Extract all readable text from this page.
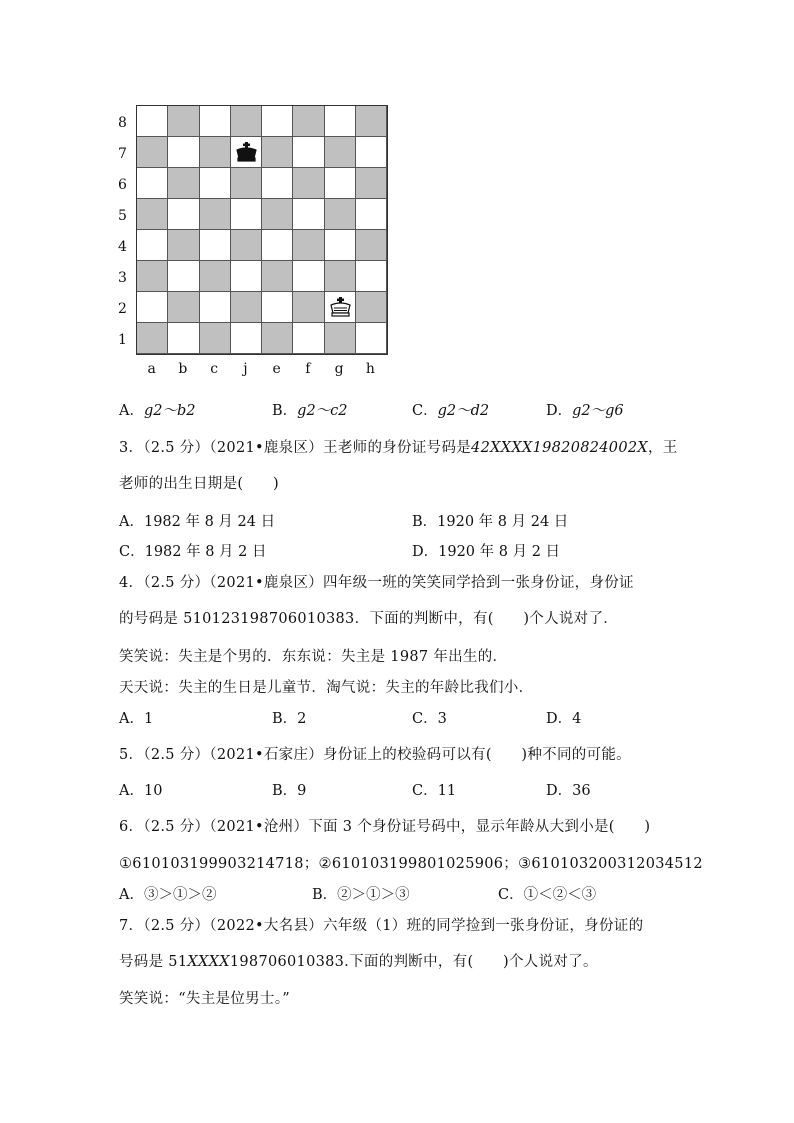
8
7
6
5
4
3
2
1
a	b	c	j	e	f	g	h
A．g2～b2	B．g2～c2	C．g2～d2	D．g2～g6
3．（2.5 分）（2021•鹿泉区）王老师的身份证号码是42XXXX19820824002X，王
老师的出生日期是(　　)
A．1982 年 8 月 24 日	B．1920 年 8 月 24 日
C．1982 年 8 月 2 日	D．1920 年 8 月 2 日
4．（2.5 分）（2021•鹿泉区）四年级一班的笑笑同学拾到一张身份证，身份证
的号码是 510123198706010383．下面的判断中，有(　　)个人说对了．
笑笑说：失主是个男的．东东说：失主是 1987 年出生的．
天天说：失主的生日是儿童节．淘气说：失主的年龄比我们小．
A．1	B．2	C．3	D．4
5．（2.5 分）（2021•石家庄）身份证上的校验码可以有(　　)种不同的可能。
A．10	B．9	C．11	D．36
6．（2.5 分）（2021•沧州）下面 3 个身份证号码中，显示年龄从大到小是(　　)
①610103199903214718；②610103199801025906；③610103200312034512
A．③＞①＞②	B．②＞①＞③	C．①＜②＜③
7．（2.5 分）（2022•大名县）六年级（1）班的同学捡到一张身份证，身份证的
号码是 51XXXX198706010383.下面的判断中，有(　　)个人说对了。
笑笑说：“失主是位男士。”
